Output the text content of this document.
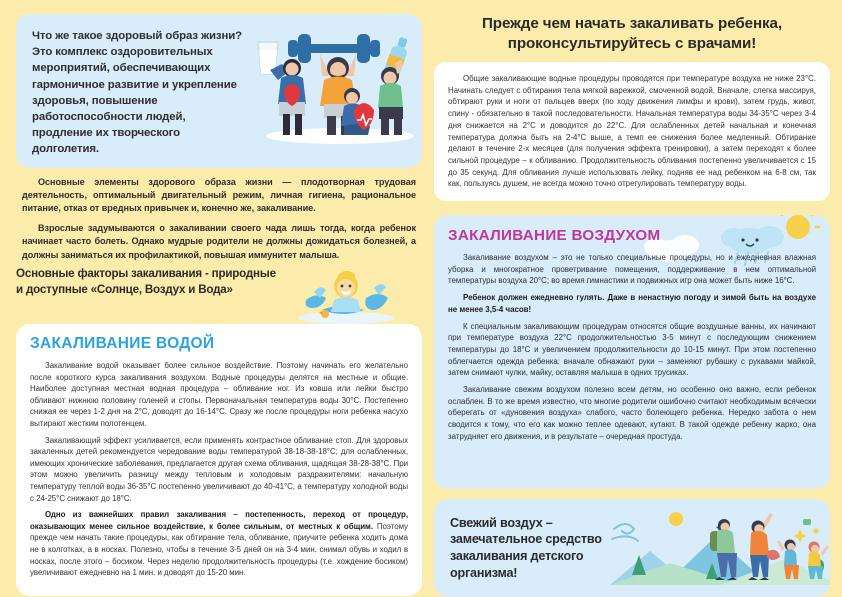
Что же такое здоровый образ жизни? Это комплекс оздоровительных мероприятий, обеспечивающих гармоничное развитие и укрепление здоровья, повышение работоспособности людей, продление их творческого долголетия.

Основные элементы здорового образа жизни — плодотворная трудовая деятельность, оптимальный двигательный режим, личная гигиена, рациональное питание, отказ от вредных привычек и, конечно же, закаливание.

Взрослые задумываются о закаливании своего чада лишь тогда, когда ребенок начинает часто болеть. Однако мудрые родители не должны дожидаться болезней, а должны заниматься их профилактикой, повышая иммунитет малыша.

Основные факторы закаливания - природные и доступные «Солнце, Воздух и Вода»
ЗАКАЛИВАНИЕ ВОДОЙ

Закаливание водой оказывает более сильное воздействие. Поэтому начинать его желательно после короткого курса закаливания воздухом. Водные процедуры делятся на местные и общие. Наиболее доступная местная водная процедура – обливание ног. Из ковша или лейки быстро обливают нижнюю половину голеней и стопы. Первоначальная температура воды 30°С. Постепенно снижая ее через 1-2 дня на 2°С, доводят до 16-14°С. Сразу же после процедуры ноги ребенка насухо вытирают жестким полотенцем.

Закаливающий эффект усиливается, если применять контрастное обливание стоп. Для здоровых закаленных детей рекомендуется чередование воды температурой 38-18-38-18°С; для ослабленных, имеющих хронические заболевания, предлагается другая схема обливания, щадящая 38-28-38°С. При этом можно увеличить разницу между тепловым и холодовым раздражителями: начальную температуру теплой воды 36-35°С постепенно увеличивают до 40-41°С, а температуру холодной воды с 24-25°С снижают до 18°С.

Одно из важнейших правил закаливания – постепенность, переход от процедур, оказывающих менее сильное воздействие, к более сильным, от местных к общим. Поэтому прежде чем начать такие процедуры, как обтирание тела, обливание, приучите ребенка ходить дома не в колготках, а в носках. Полезно, чтобы в течение 3-5 дней он на 3-4 мин. снимал обувь и ходил в носках, после этого – босиком. Через неделю продолжительность процедуры (т.е. хождение босиком) увеличивают ежедневно на 1 мин. и доводят до 15-20 мин.

Прежде чем начать закаливать ребенка, проконсультируйтесь с врачами!

Общие закаливающие водные процедуры проводятся при температуре воздуха не ниже 23°С. Начинать следует с обтирания тела мягкой варежкой, смоченной водой. Вначале, слегка массируя, обтирают руки и ноги от пальцев вверх (по ходу движения лимфы и крови), затем грудь, живот, спину - обязательно в такой последовательности. Начальная температура воды 34-35°С через 3-4 дня снижается на 2°С и доводится до 22°С. Для ослабленных детей начальная и конечная температура должна быть на 2-4°С выше, а темп ее снижения более медленный. Обтирание делают в течение 2-х месяцев (для получения эффекта тренировки), а затем переходят к более сильной процедуре – к обливанию. Продолжительность обливания постепенно увеличивается с 15 до 35 секунд. Для обливания лучше использовать лейку, подняв ее над ребенком на 6-8 см, так как, пользуясь душем, не всегда можно точно отрегулировать температуру воды.

ЗАКАЛИВАНИЕ ВОЗДУХОМ

Закаливание воздухом – это не только специальные процедуры, но и ежедневная влажная уборка и многократное проветривание помещения, поддерживание в нем оптимальной температуры воздуха 20°С; во время гимнастики и подвижных игр она может быть ниже 16°С.

Ребенок должен ежедневно гулять. Даже в ненастную погоду и зимой быть на воздухе не менее 3,5-4 часов!

К специальным закаливающим процедурам относятся общие воздушные ванны, их начинают при температуре воздуха 22°С продолжительностью 3-5 минут с последующим снижением температуры до 18°С и увеличением продолжительности до 10-15 минут. При этом постепенно облегчается одежда ребенка: вначале обнажают руки – заменяют рубашку с рукавами майкой, затем снимают чулки, майку, оставляя малыша в одних трусиках.

Закаливание свежим воздухом полезно всем детям, но особенно оно важно, если ребенок ослаблен. В то же время известно, что многие родители ошибочно считают необходимым всячески оберегать от «дуновения воздуха» слабого, часто болеющего ребенка. Нередко забота о нем сводится к тому, что его как можно теплее одевают, кутают. В такой одежде ребенку жарко, она затрудняет его движения, и в результате – очередная простуда.

Свежий воздух – замечательное средство закаливания детского организма!
